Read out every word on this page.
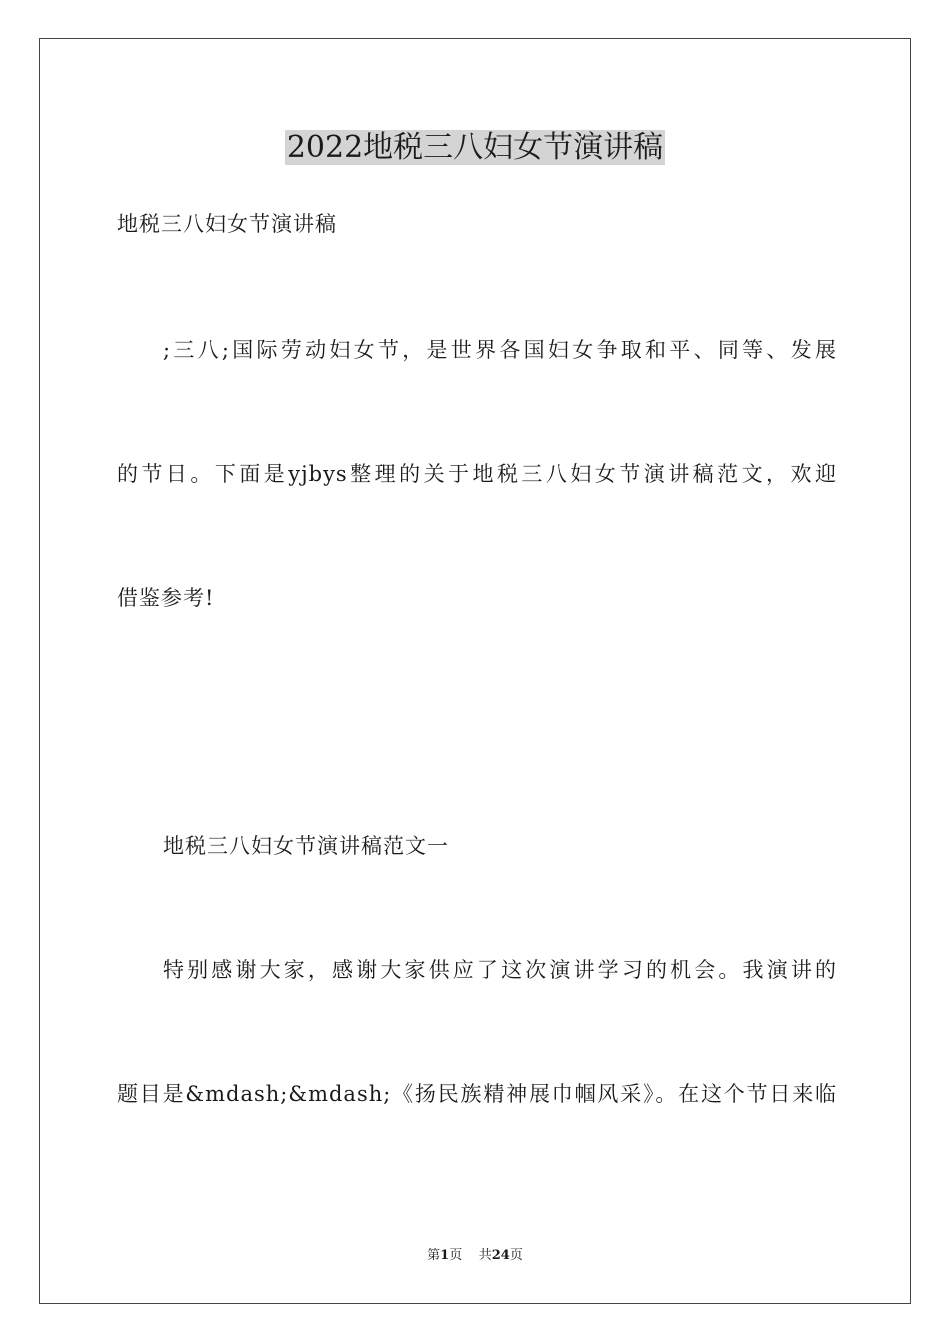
2022地税三八妇女节演讲稿

地税三八妇女节演讲稿

;三八;国际劳动妇女节，是世界各国妇女争取和平、同等、发展

的节日。下面是yjbys整理的关于地税三八妇女节演讲稿范文，欢迎

借鉴参考!

地税三八妇女节演讲稿范文一

特别感谢大家，感谢大家供应了这次演讲学习的机会。我演讲的

题目是&mdash;&mdash;《扬民族精神展巾帼风采》。在这个节日来临

第1页 共24页
